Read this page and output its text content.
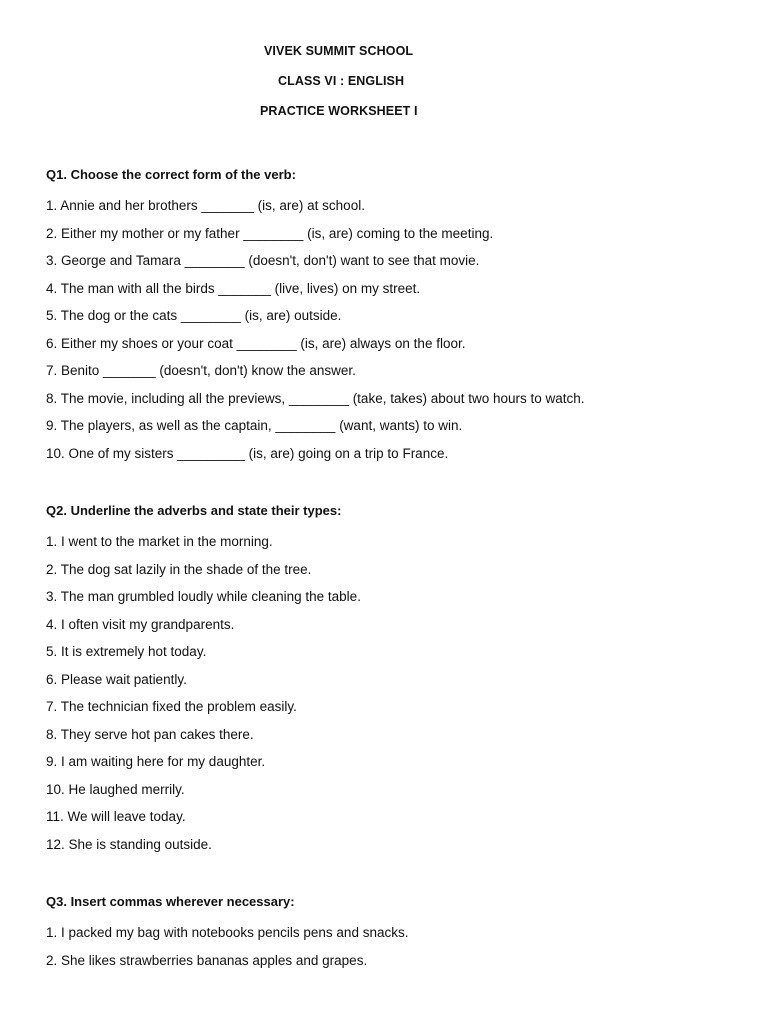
VIVEK SUMMIT SCHOOL
CLASS VI : ENGLISH
PRACTICE WORKSHEET I
Q1. Choose the correct form of the verb:
1. Annie and her brothers _______ (is, are) at school.
2. Either my mother or my father ________ (is, are) coming to the meeting.
3. George and Tamara ________ (doesn't, don't) want to see that movie.
4. The man with all the birds _______ (live, lives) on my street.
5. The dog or the cats ________ (is, are) outside.
6. Either my shoes or your coat ________ (is, are) always on the floor.
7. Benito _______ (doesn't, don't) know the answer.
8. The movie, including all the previews, ________ (take, takes) about two hours to watch.
9. The players, as well as the captain, ________ (want, wants) to win.
10. One of my sisters _________ (is, are) going on a trip to France.
Q2. Underline the adverbs and state their types:
1. I went to the market in the morning.
2. The dog sat lazily in the shade of the tree.
3. The man grumbled loudly while cleaning the table.
4. I often visit my grandparents.
5. It is extremely hot today.
6. Please wait patiently.
7. The technician fixed the problem easily.
8. They serve hot pan cakes there.
9. I am waiting here for my daughter.
10. He laughed merrily.
11. We will leave today.
12. She is standing outside.
Q3. Insert commas wherever necessary:
1. I packed my bag with notebooks pencils pens and snacks.
2. She likes strawberries bananas apples and grapes.
